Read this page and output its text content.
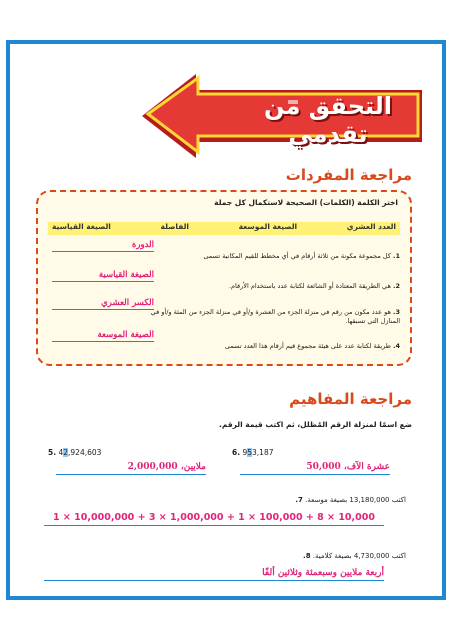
التحقق من تقدمي
مراجعة المفردات
اختر الكلمة (الكلمات) الصحيحة لاستكمال كل جملة
العدد العشري
الصيغة الموسعة
الفاصلة
الصيغة القياسية
الدورة
1. كل مجموعة مكونة من ثلاثة أرقام في أي مخطط للقيم المكانية تسمى
الصيغة القياسية
2. هي الطريقة المعتادة أو الشائعة لكتابة عدد باستخدام الأرقام.
الكسر العشري
3. هو عدد مكون من رقم في منزلة الجزء من العشرة و/أو في منزلة الجزء من المئة و/أو في المنازل التي تسبقها.
الصيغة الموسعة
4. طريقة لكتابة عدد على هيئة مجموع قيم أرقام هذا العدد تسمى
مراجعة المفاهيم
ضع اسمًا لمنزلة الرقم المُظلل، ثم اكتب قيمة الرقم.
5. 42,924,603
ملايين، 2,000,000
6. 953,187
عشرة الآف، 50,000
اكتب 13,180,000 بصيغة موسعة. 7.
1 × 10,000,000 + 3 × 1,000,000 + 1 × 100,000 + 8 × 10,000
اكتب 4,730,000 بصيغة كلامية. 8.
أربعة ملايين وسبعمئة وثلاثين ألفًا
